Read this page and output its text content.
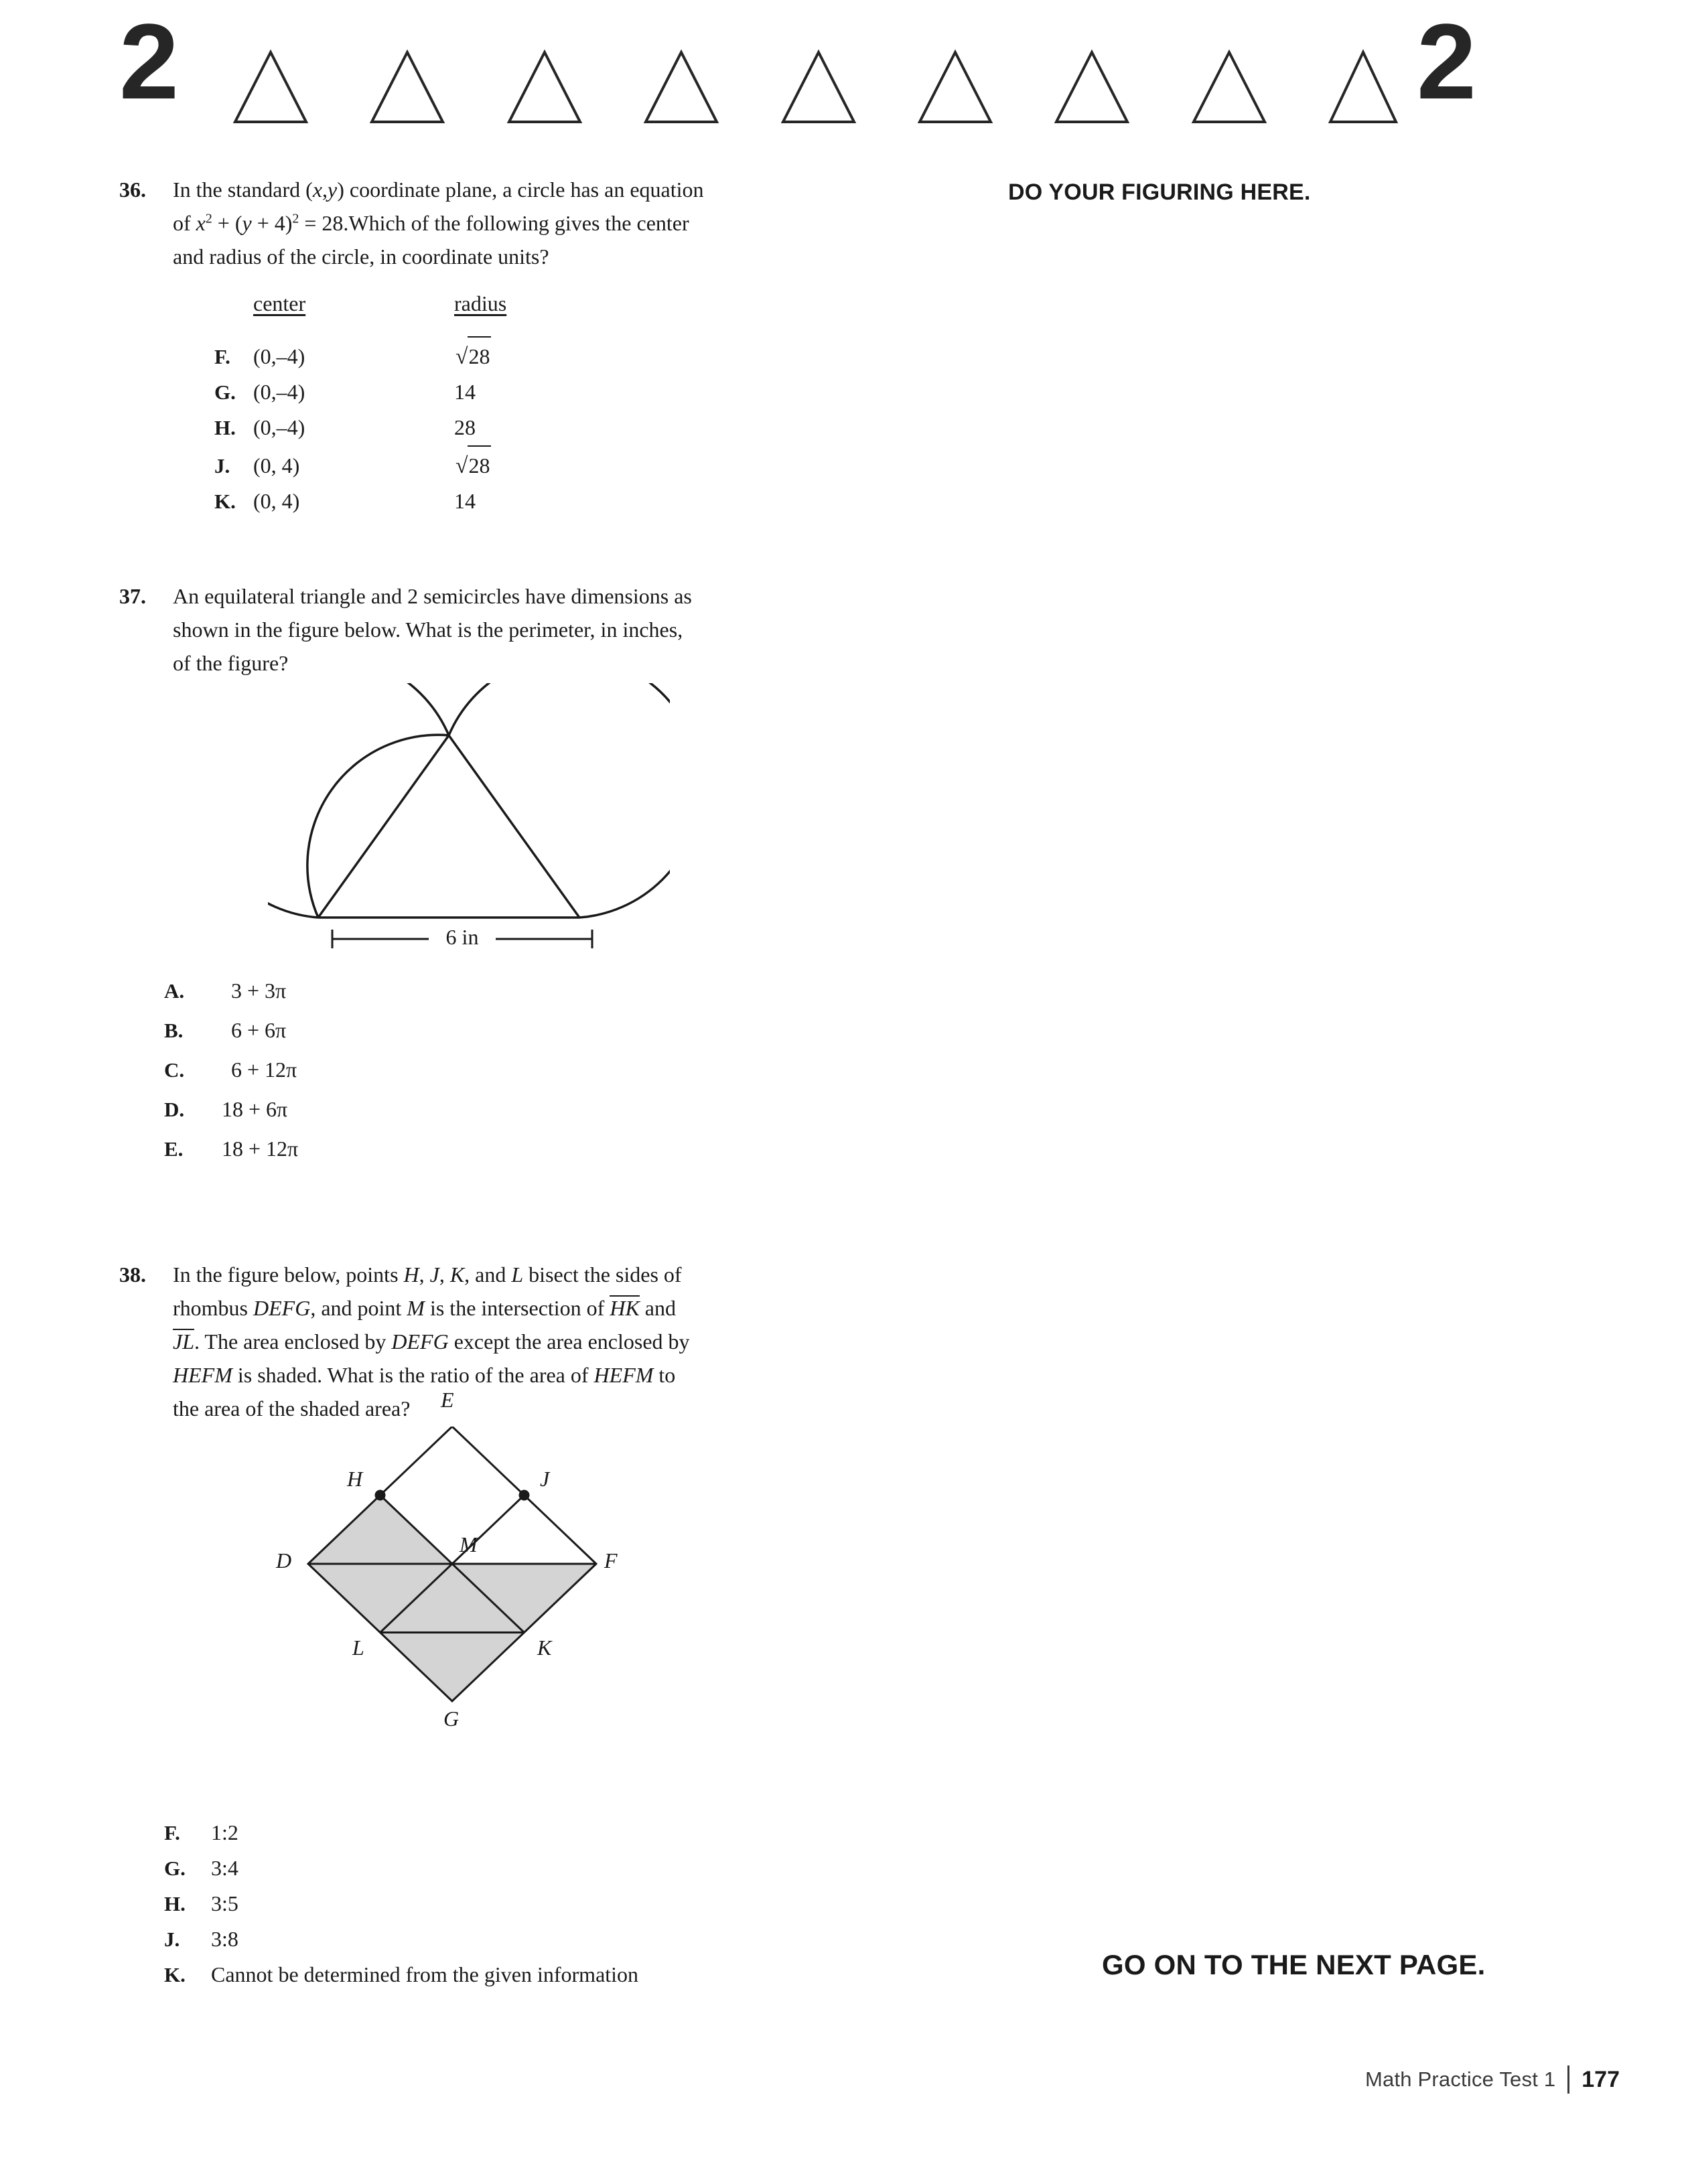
2	2
36.	In the standard (x,y) coordinate plane, a circle has an equation

of $x^2 + (y + 4)^2$ = 28.Which of the following gives the center

and radius of the circle, in coordinate units?

center	radius
F.	(0,–4)	√28
G. (0,–4)	14
H. (0,–4)	28
J.	(0, 4)	√28
K. (0, 4)	14
37.	An equilateral triangle and 2 semicircles have dimensions as

shown in the figure below. What is the perimeter, in inches,

of the figure?

6 in
A.	3 + 3π
B.	6 + 6π
C.	6 + 12π
D.	18 + 6π
E.	18 + 12π
38.	In the figure below, points H, J, K, and L bisect the sides of

rhombus DEFG, and point M is the intersection of HK and

JL. The area enclosed by DEFG except the area enclosed by

HEFM is shaded. What is the ratio of the area of HEFM to

the area of the shaded area?	E
D	F
G
H	J
K
L
M
F.	1:2
G.	3:4
H.	3:5
J.	3:8
K.	Cannot be determined from the given information
DO YOUR FIGURING HERE.
GO ON TO THE NEXT PAGE.
Math Practice Test 1 177
